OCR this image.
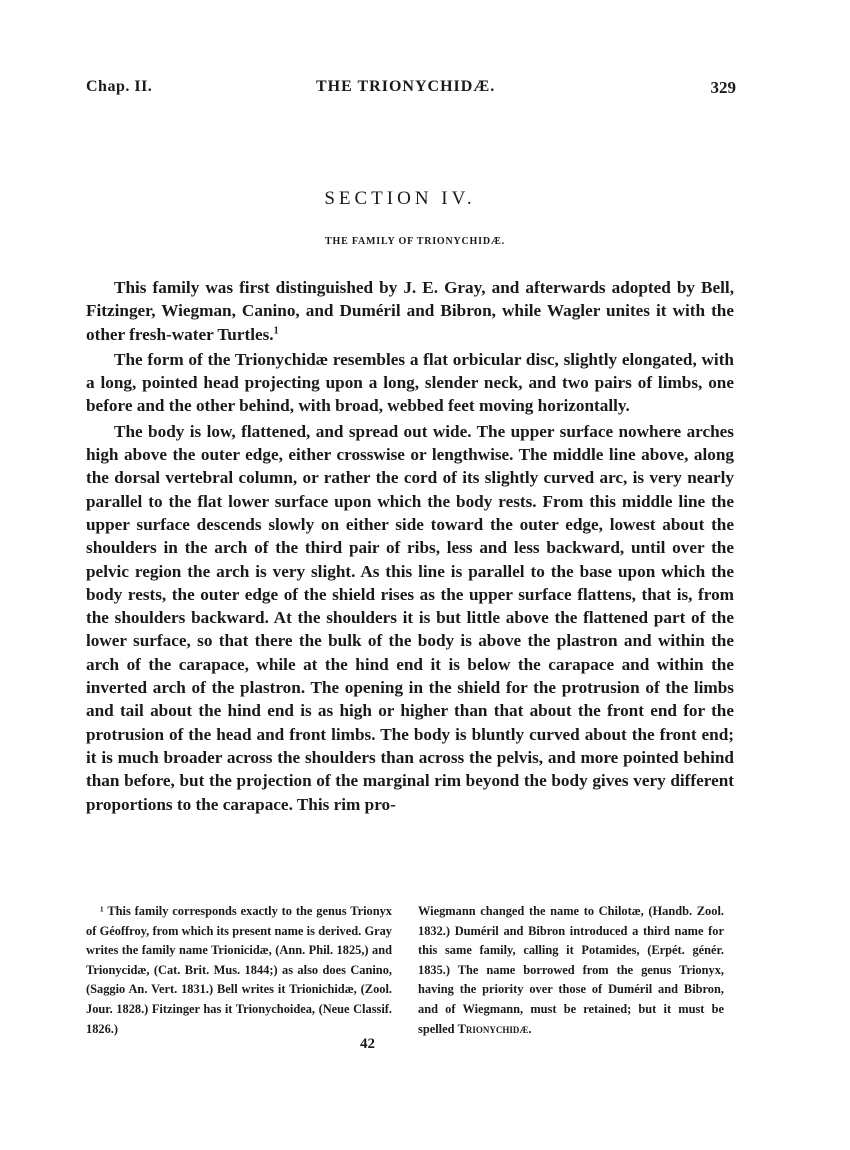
Chap. II.	THE TRIONYCHIDÆ.	329
SECTION IV.
THE FAMILY OF TRIONYCHIDÆ.

This family was first distinguished by J. E. Gray, and afterwards adopted by Bell, Fitzinger, Wiegman, Canino, and Duméril and Bibron, while Wagler unites it with the other fresh-water Turtles.$^1$

The form of the Trionychidæ resembles a flat orbicular disc, slightly elongated, with a long, pointed head projecting upon a long, slender neck, and two pairs of limbs, one before and the other behind, with broad, webbed feet moving horizontally.

The body is low, flattened, and spread out wide. The upper surface nowhere arches high above the outer edge, either crosswise or lengthwise. The middle line above, along the dorsal vertebral column, or rather the cord of its slightly curved arc, is very nearly parallel to the flat lower surface upon which the body rests. From this middle line the upper surface descends slowly on either side toward the outer edge, lowest about the shoulders in the arch of the third pair of ribs, less and less backward, until over the pelvic region the arch is very slight. As this line is parallel to the base upon which the body rests, the outer edge of the shield rises as the upper surface flattens, that is, from the shoulders backward. At the shoulders it is but little above the flattened part of the lower surface, so that there the bulk of the body is above the plastron and within the arch of the carapace, while at the hind end it is below the carapace and within the inverted arch of the plastron. The opening in the shield for the protrusion of the limbs and tail about the hind end is as high or higher than that about the front end for the protrusion of the head and front limbs. The body is bluntly curved about the front end; it is much broader across the shoulders than across the pelvis, and more pointed behind than before, but the projection of the marginal rim beyond the body gives very different proportions to the carapace. This rim pro-

¹ This family corresponds exactly to the genus Trionyx of Géoffroy, from which its present name is derived. Gray writes the family name Trionicidæ, (Ann. Phil. 1825,) and Trionycidæ, (Cat. Brit. Mus. 1844;) as also does Canino, (Saggio An. Vert. 1831.) Bell writes it Trionichidæ, (Zool. Jour. 1828.) Fitzinger has it Trionychoidea, (Neue Classif. 1826.)

Wiegmann changed the name to Chilotæ, (Handb. Zool. 1832.) Duméril and Bibron introduced a third name for this same family, calling it Potamides, (Erpét. génér. 1835.) The name borrowed from the genus Trionyx, having the priority over those of Duméril and Bibron, and of Wiegmann, must be retained; but it must be spelled Trionychidæ.

42
